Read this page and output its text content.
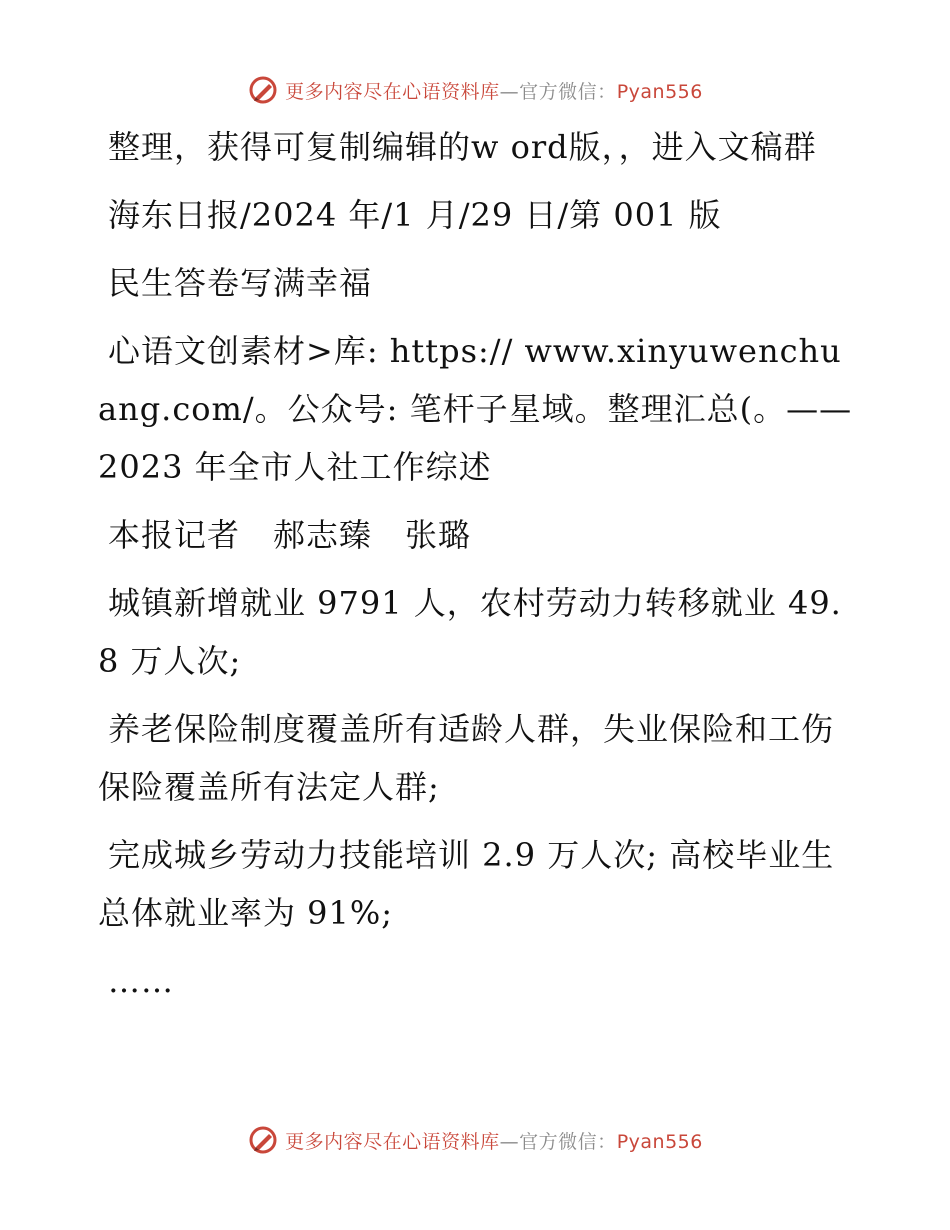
更多内容尽在心语资料库—官方微信：Pyan556

整理，获得可复制编辑的w ord版，，进入文稿群

海东日报/2024 年/1 月/29 日/第 001 版

民生答卷写满幸福

心语文创素材>库: https:// www.xinyuwenchuang.com/。公众号: 笔杆子星域。整理汇总(。——2023 年全市人社工作综述

本报记者　郝志臻　张璐

城镇新增就业 9791 人，农村劳动力转移就业 49.8 万人次;

养老保险制度覆盖所有适龄人群，失业保险和工伤保险覆盖所有法定人群;

完成城乡劳动力技能培训 2.9 万人次; 高校毕业生总体就业率为 91%;

……

更多内容尽在心语资料库—官方微信：Pyan556
